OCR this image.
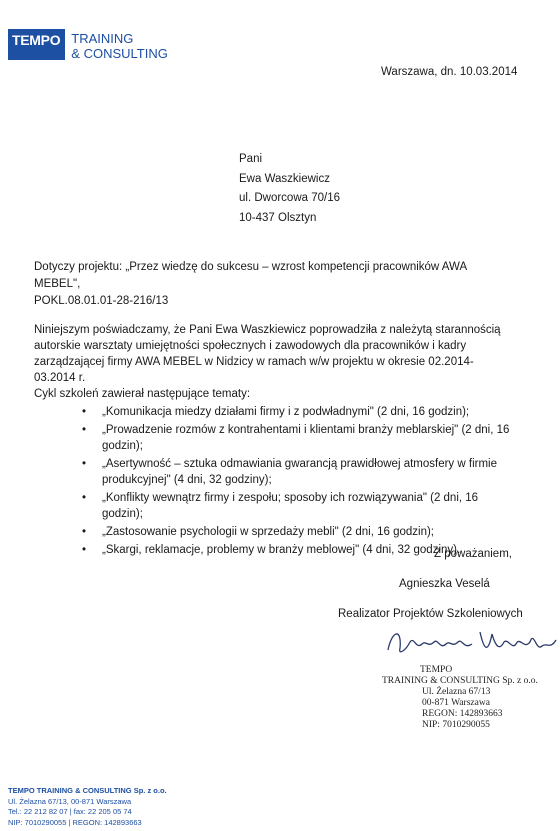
TEMPO TRAINING
& CONSULTING
Warszawa, dn. 10.03.2014
Pani
Ewa Waszkiewicz
ul. Dworcowa 70/16
10-437 Olsztyn
Dotyczy projektu: „Przez wiedzę do sukcesu – wzrost kompetencji pracowników AWA MEBEL",
POKL.08.01.01-28-216/13

Niniejszym poświadczamy, że Pani Ewa Waszkiewicz poprowadziła z należytą starannością autorskie warsztaty umiejętności społecznych i zawodowych dla pracowników i kadry zarządzającej firmy AWA MEBEL w Nidzicy w ramach w/w projektu w okresie 02.2014-03.2014 r.

Cykl szkoleń zawierał następujące tematy:

• „Komunikacja miedzy działami firmy i z podwładnymi" (2 dni, 16 godzin);
• „Prowadzenie rozmów z kontrahentami i klientami branży meblarskiej" (2 dni, 16 godzin);
• „Asertywność – sztuka odmawiania gwarancją prawidłowej atmosfery w firmie produkcyjnej" (4 dni, 32 godziny);
• „Konflikty wewnątrz firmy i zespołu; sposoby ich rozwiązywania" (2 dni, 16 godzin);
• „Zastosowanie psychologii w sprzedaży mebli" (2 dni, 16 godzin);
• „Skargi, reklamacje, problemy w branży meblowej" (4 dni, 32 godziny).
Z poważaniem,
Agnieszka Veselá
Realizator Projektów Szkoleniowych
TEMPO
TRAINING & CONSULTING Sp. z o.o.
Ul. Żelazna 67/13
00-871 Warszawa
REGON: 142893663
NIP: 7010290055
TEMPO TRAINING & CONSULTING Sp. z o.o.
Ul. Żelazna 67/13, 00-871 Warszawa
Tel.: 22 212 82 07 | fax: 22 205 05 74
NIP: 7010290055 | REGON: 142893663
